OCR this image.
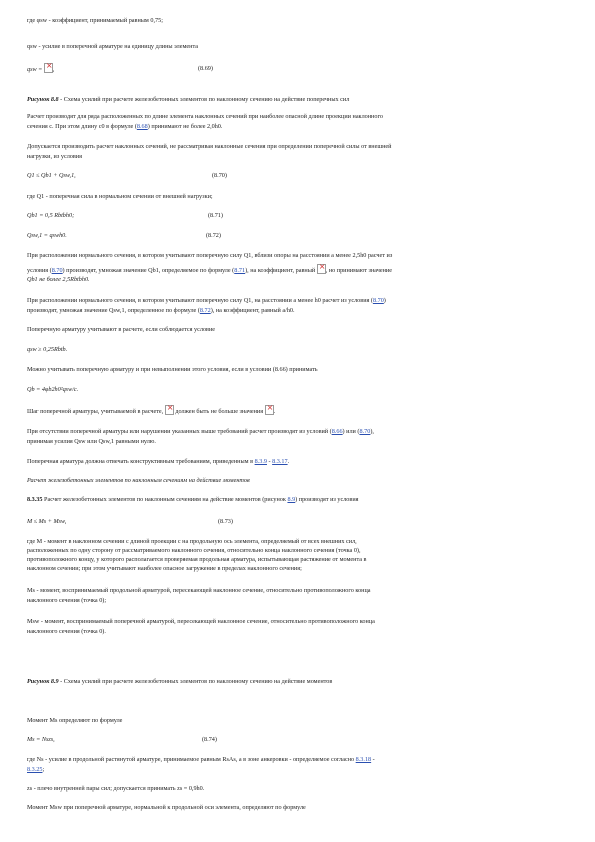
где φsw - коэффициент, принимаемый равным 0,75;
qsw - усилие в поперечной арматуре на единицу длины элемента
qsw = × ,	(8.69)
Рисунок 8.8 - Схема усилий при расчете железобетонных элементов по наклонному сечению на действие поперечных сил
Расчет производят для ряда расположенных по длине элемента наклонных сечений при наиболее опасной длине проекции наклонного
сечения с. При этом длину с0 в формуле (8.68) принимают не более 2,0h0.
Допускается производить расчет наклонных сечений, не рассматривая наклонные сечения при определении поперечной силы от внешней
нагрузки, из условия
Q1 ≤ Qb1 + Qsw,1,	(8.70)
где Q1 - поперечная сила в нормальном сечении от внешней нагрузки;
Qb1 = 0,5 Rbtbh0;	(8.71)
Qsw,1 = qswh0.	(8.72)
При расположении нормального сечения, в котором учитывают поперечную силу Q1, вблизи опоры на расстоянии а менее 2,5h0 расчет из
условия (8.70) производят, умножая значение Qb1, определяемое по формуле (8.71), на коэффициент, равный × , но принимают значение
Qb1 не более 2,5Rbtbh0.
При расположении нормального сечения, в котором учитывают поперечную силу Q1, на расстоянии а менее h0 расчет из условия (8.70)
производят, умножая значение Qsw,1, определенное по формуле (8.72), на коэффициент, равный a/h0.
Поперечную арматуру учитывают в расчете, если соблюдается условие
qsw ≥ 0,25Rbtb.
Можно учитывать поперечную арматуру и при невыполнении этого условия, если в условии (8.66) принимать
Qb = 4φb2h0²qsw/c.
Шаг поперечной арматуры, учитываемой в расчете, × должен быть не больше значения × .
При отсутствии поперечной арматуры или нарушении указанных выше требований расчет производят из условий (8.66) или (8.70),
принимая усилия Qsw или Qsw,1 равными нулю.
Поперечная арматура должна отвечать конструктивным требованиям, приведенным в 8.3.9 - 8.3.17.
Расчет железобетонных элементов по наклонным сечениям на действие моментов
8.3.35 Расчет железобетонных элементов по наклонным сечениям на действие моментов (рисунок 8.9) производят из условия
M ≤ Ms + Msw,	(8.73)
где M - момент в наклонном сечении с длиной проекции с на продольную ось элемента, определяемый от всех внешних сил,
расположенных по одну сторону от рассматриваемого наклонного сечения, относительно конца наклонного сечения (точка 0),
противоположного концу, у которого располагается проверяемая продольная арматура, испытывающая растяжение от момента в
наклонном сечении; при этом учитывают наиболее опасное загружение в пределах наклонного сечения;
Ms - момент, воспринимаемый продольной арматурой, пересекающей наклонное сечение, относительно противоположного конца
наклонного сечения (точка 0);
Msw - момент, воспринимаемый поперечной арматурой, пересекающей наклонное сечение, относительно противоположного конца
наклонного сечения (точка 0).
Рисунок 8.9 - Схема усилий при расчете железобетонных элементов по наклонному сечению на действие моментов
Момент Ms определяют по формуле
Ms = Nszs,	(8.74)
где Ns - усилие в продольной растянутой арматуре, принимаемое равным RsAs, а в зоне анкеровки - определяемое согласно 8.3.18 -
8.3.25;
zs - плечо внутренней пары сил; допускается принимать zs = 0,9h0.
Момент Msw при поперечной арматуре, нормальной к продольной оси элемента, определяют по формуле
